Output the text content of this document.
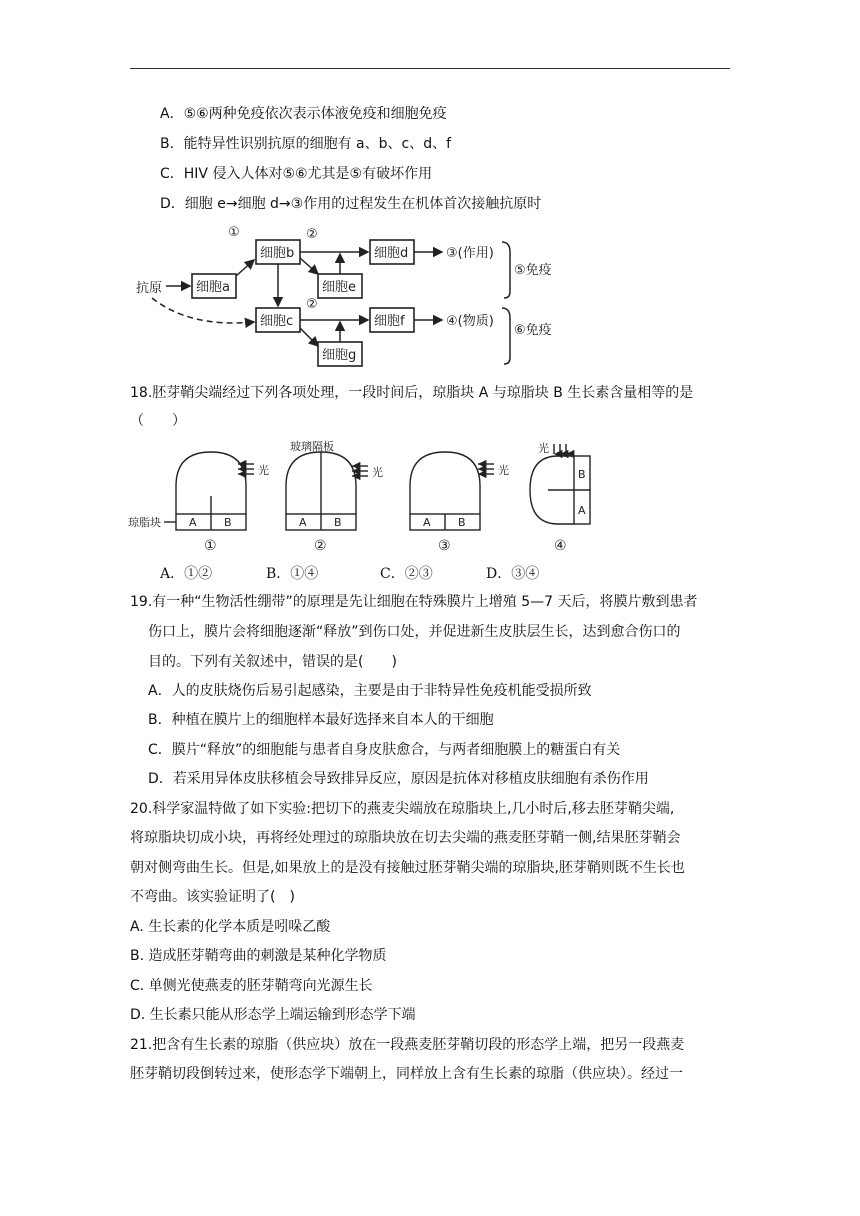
A．⑤⑥两种免疫依次表示体液免疫和细胞免疫
B．能特异性识别抗原的细胞有 a、b、c、d、f
C．HIV 侵入人体对⑤⑥尤其是⑤有破坏作用
D．细胞 e→细胞 d→③作用的过程发生在机体首次接触抗原时
抗原	细胞a
细胞b
细胞c
细胞e
细胞g
细胞d
细胞f
①	②
②
③(作用)
④(物质)
⑤免疫
⑥免疫
18.胚芽鞘尖端经过下列各项处理，一段时间后，琼脂块 A 与琼脂块 B 生长素含量相等的是
（　　）
玻璃隔板
光	光	光
光
琼脂块	A B	A B	A B
B
A
①	②	③	④
A．①②	B．①④	C．②③	D．③④
19.有一种“生物活性绷带”的原理是先让细胞在特殊膜片上增殖 5—7 天后，将膜片敷到患者
伤口上，膜片会将细胞逐渐“释放”到伤口处，并促进新生皮肤层生长，达到愈合伤口的
目的。下列有关叙述中，错误的是(　　)
A．人的皮肤烧伤后易引起感染，主要是由于非特异性免疫机能受损所致
B．种植在膜片上的细胞样本最好选择来自本人的干细胞
C．膜片“释放”的细胞能与患者自身皮肤愈合，与两者细胞膜上的糖蛋白有关
D．若采用异体皮肤移植会导致排异反应，原因是抗体对移植皮肤细胞有杀伤作用
20.科学家温特做了如下实验:把切下的燕麦尖端放在琼脂块上,几小时后,移去胚芽鞘尖端,
将琼脂块切成小块，再将经处理过的琼脂块放在切去尖端的燕麦胚芽鞘一侧,结果胚芽鞘会
朝对侧弯曲生长。但是,如果放上的是没有接触过胚芽鞘尖端的琼脂块,胚芽鞘则既不生长也
不弯曲。该实验证明了(　)
A. 生长素的化学本质是吲哚乙酸
B. 造成胚芽鞘弯曲的刺激是某种化学物质
C. 单侧光使燕麦的胚芽鞘弯向光源生长
D. 生长素只能从形态学上端运输到形态学下端
21.把含有生长素的琼脂（供应块）放在一段燕麦胚芽鞘切段的形态学上端，把另一段燕麦
胚芽鞘切段倒转过来，使形态学下端朝上，同样放上含有生长素的琼脂（供应块）。经过一
